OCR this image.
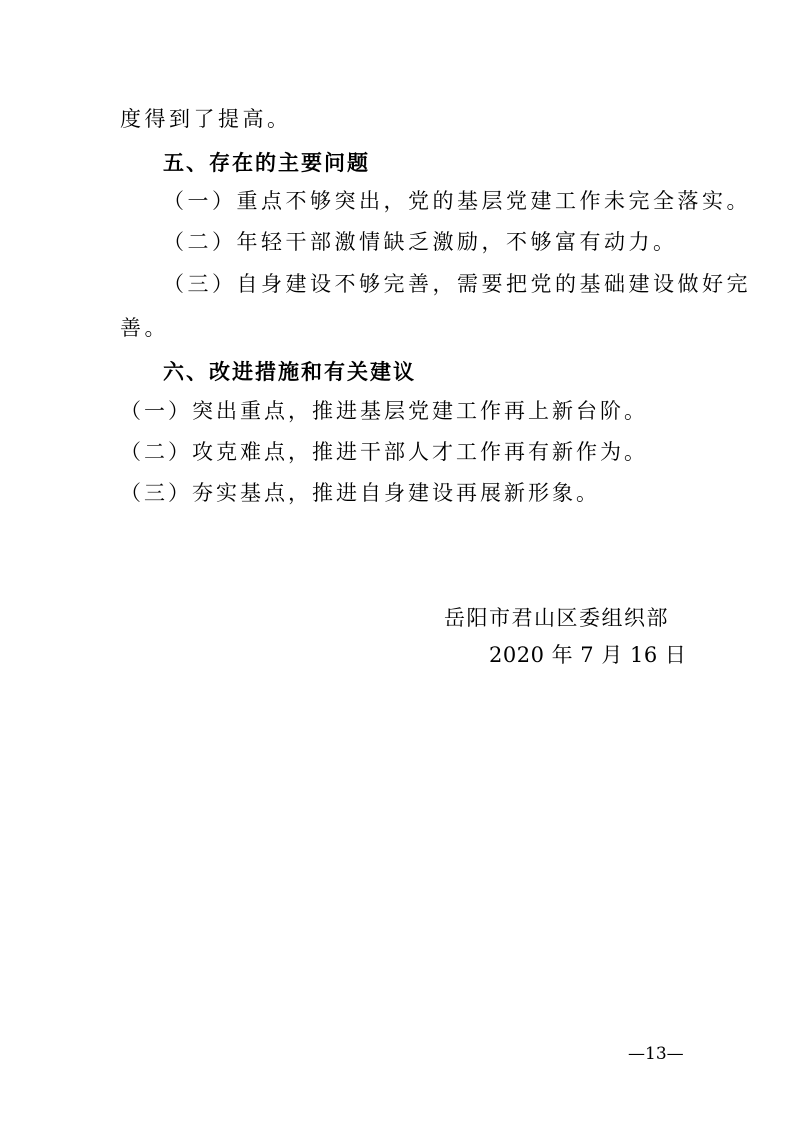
度得到了提高。
五、存在的主要问题
（一）重点不够突出，党的基层党建工作未完全落实。
（二）年轻干部激情缺乏激励，不够富有动力。
（三）自身建设不够完善，需要把党的基础建设做好完
善。
六、改进措施和有关建议
（一）突出重点，推进基层党建工作再上新台阶。
（二）攻克难点，推进干部人才工作再有新作为。
（三）夯实基点，推进自身建设再展新形象。
岳阳市君山区委组织部
2020 年 7 月 16 日
—13—
